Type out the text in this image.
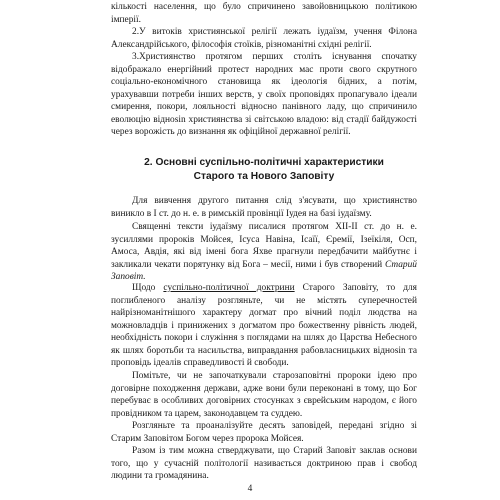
кількості населення, що було спричинено завойовницькою політикою імперії.

2.У витоків християнської релігії лежать іудаїзм, учення Філона Александрійського, філософія стоїків, різноманітні східні релігії.

3.Християнство протягом перших століть існування спочатку відображало енергійний протест народних мас проти свого скрутного соціально-економічного становища як ідеологія бідних, а потім, урахувавши потреби інших верств, у своїх проповідях пропагувало ідеали смирення, покори, лояльності відносно панівного ладу, що спричинило еволюцію віднosin християнства зі світською владою: від стадії байдужості через ворожість до визнання як офіційної державної релігії.

2. Основні суспільно-політичні характеристики
Старого та Нового Заповіту

Для вивчення другого питання слід з'ясувати, що християнство виникло в І ст. до н. е. в римській провінції Іудея на базі іудаїзму.

Священні тексти іудаїзму писалися протягом XII-II ст. до н. е. зусиллями пророків Мойсея, Ісуса Навіна, Ісаїї, Єремії, Ізеїкіля, Осп, Амоса, Авдія, які від імені бога Яхве прагнули передбачити майбутнє і закликали чекати порятунку від Бога – месії, ними і був створений Старий Заповіт.

Щодо суспільно-політичної доктрини Старого Заповіту, то для поглибленого аналізу розгляньте, чи не містять суперечностей найрізноманітнішого характеру догмат про вічний поділ людства на можновладців і принижених з догматом про божественну рівність людей, необхідність покори і служіння з поглядами на шлях до Царства Небесного як шлях боротьби та насильства, виправдання рабовласницьких віднosin та проповідь ідеалів справедливості й свободи.

Помітьте, чи не започаткували старозаповітні пророки ідею про договірне походження держави, адже вони були переконані в тому, що Бог перебуває в особливих договірних стосунках з єврейським народом, є його провідником та царем, законодавцем та суддею.

Розгляньте та проаналізуйте десять заповідей, передані згідно зі Старим Заповітом Богом через пророка Мойсея.

Разом із тим можна стверджувати, що Старий Заповіт заклав основи того, що у сучасній політології називається доктриною прав і свобод людини та громадянина.

4
